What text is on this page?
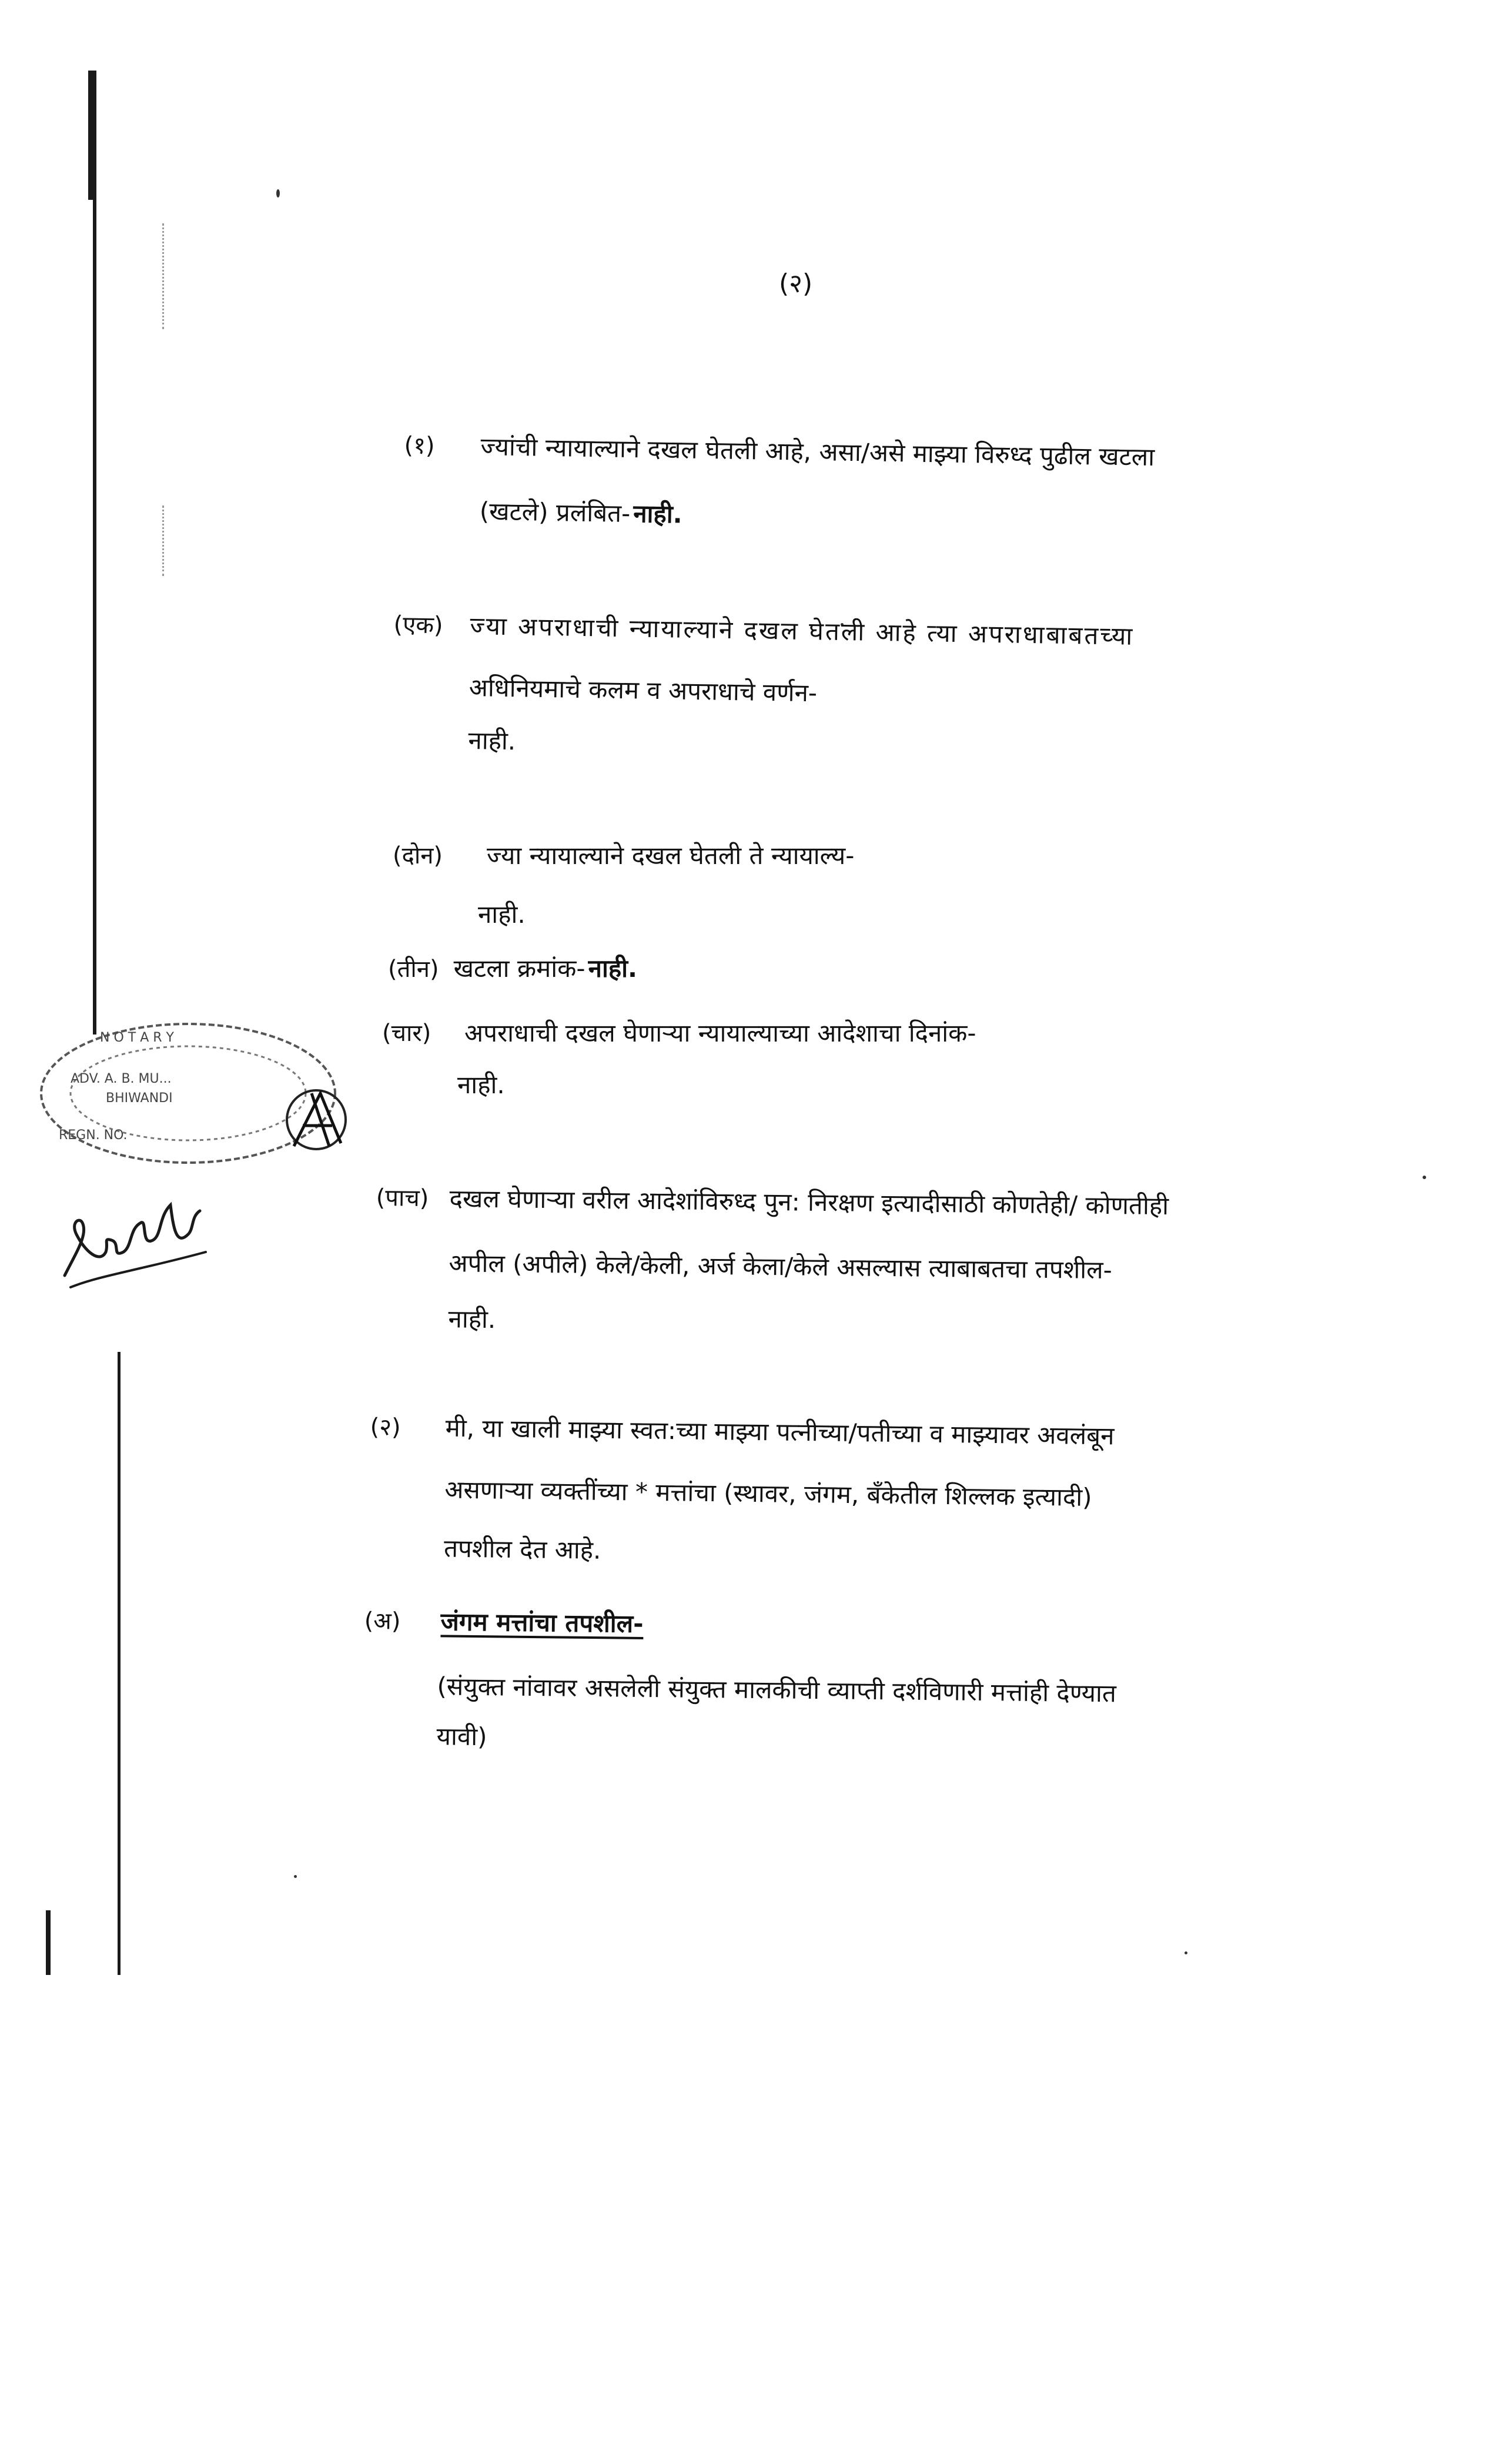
(२)
(१) ज्यांची न्यायाल्याने दखल घेतली आहे, असा/असे माझ्या विरुध्द पुढील खटला
(खटले) प्रलंबित- नाही.
(एक) ज्या अपराधाची न्यायाल्याने दखल घेतली आहे त्या अपराधाबाबतच्या
अधिनियमाचे कलम व अपराधाचे वर्णन-
नाही.
(दोन) ज्या न्यायाल्याने दखल घेतली ते न्यायाल्य-
नाही.
(तीन) खटला क्रमांक- नाही.
(चार) अपराधाची दखल घेणाऱ्या न्यायाल्याच्या आदेशाचा दिनांक-
नाही.
(पाच) दखल घेणाऱ्या वरील आदेशांविरुध्द पुन: निरक्षण इत्यादीसाठी कोणतेही/ कोणतीही
अपील (अपीले) केले/केली, अर्ज केला/केले असल्यास त्याबाबतचा तपशील-
नाही.
(२) मी, या खाली माझ्या स्वत:च्या माझ्या पत्नीच्या/पतीच्या व माझ्यावर अवलंबून
असणाऱ्या व्यक्तींच्या * मत्तांचा (स्थावर, जंगम, बँकेतील शिल्लक इत्यादी)
तपशील देत आहे.
(अ) जंगम मत्तांचा तपशील-
(संयुक्त नांवावर असलेली संयुक्त मालकीची व्याप्ती दर्शविणारी मत्तांही देण्यात
यावी)
N O T A R Y
ADV. A. B. MU...
BHIWANDI
REGN. NO.
